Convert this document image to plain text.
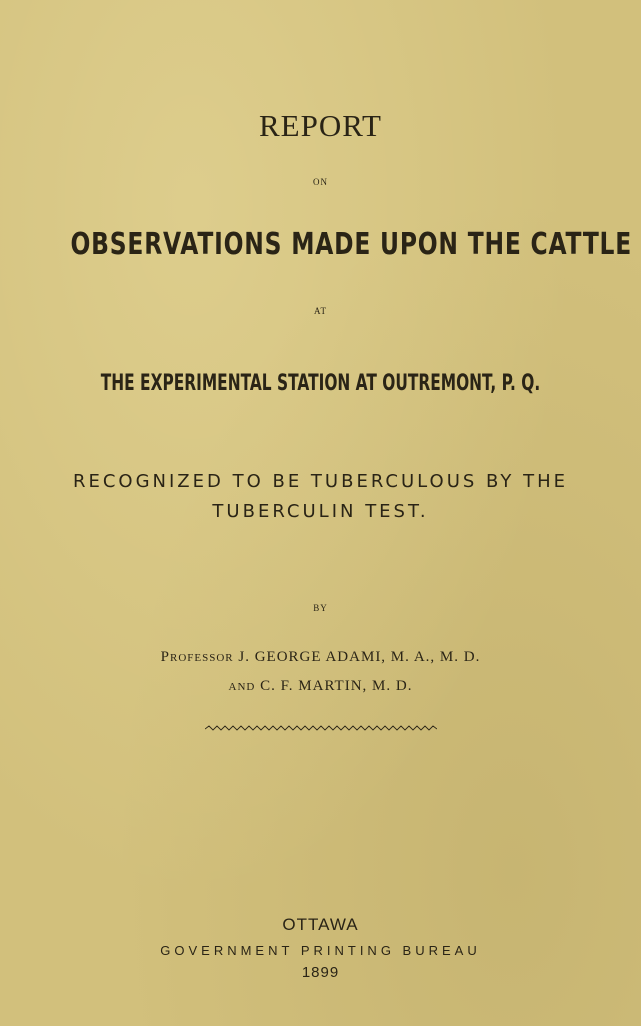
REPORT
ON
OBSERVATIONS MADE UPON THE CATTLE
AT
THE EXPERIMENTAL STATION AT OUTREMONT, P. Q.
RECOGNIZED TO BE TUBERCULOUS BY THE
TUBERCULIN TEST.
BY
PROFESSOR J. GEORGE ADAMI, M. A., M. D.
AND C. F. MARTIN, M. D.
OTTAWA
GOVERNMENT PRINTING BUREAU
1899
